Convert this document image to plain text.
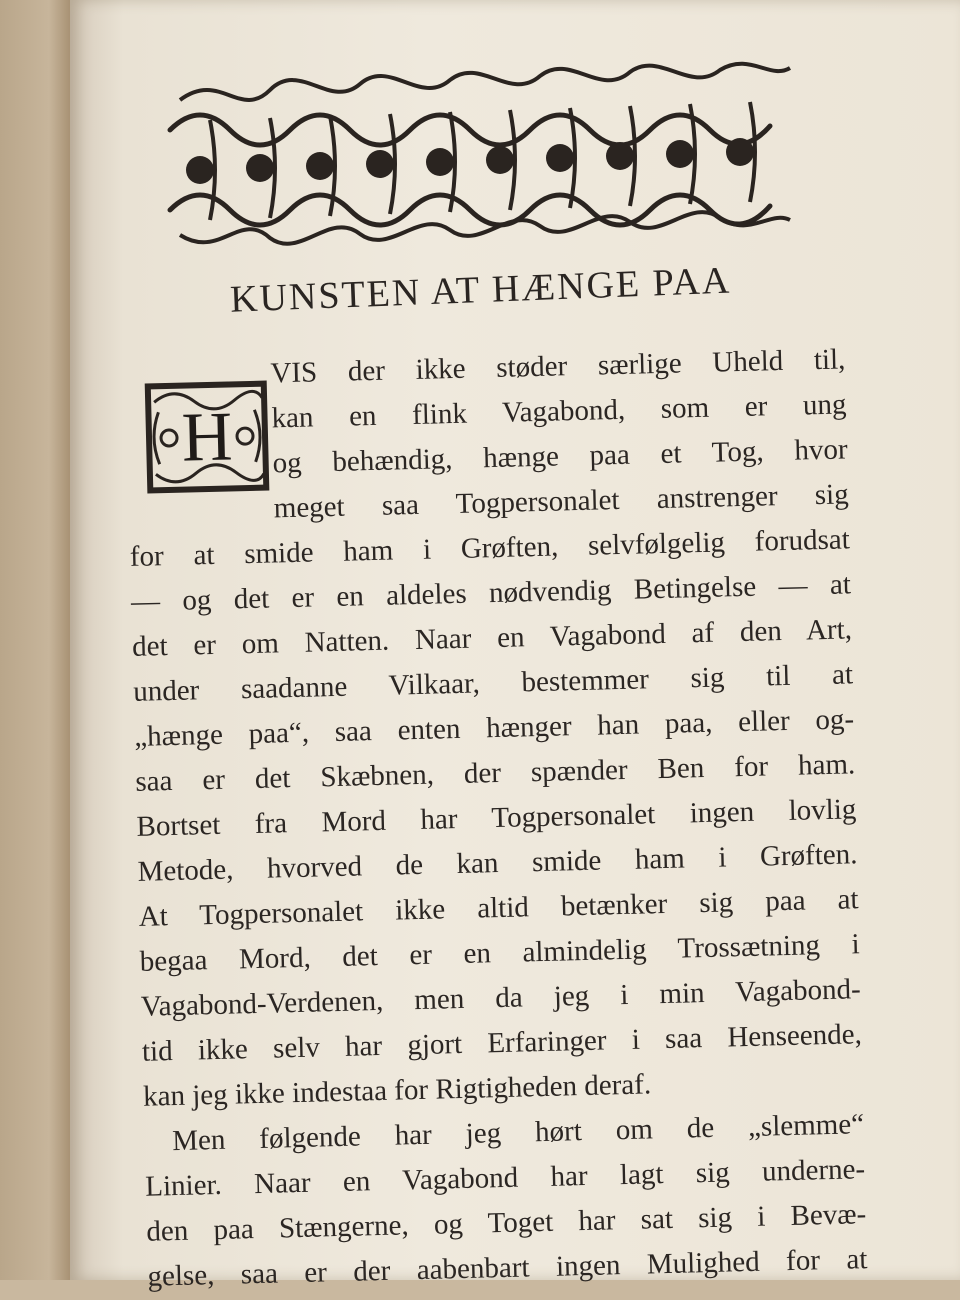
KUNSTEN AT HÆNGE PAA
H
VIS der ikke støder særlige Uheld til,
kan en flink Vagabond, som er ung
og behændig, hænge paa et Tog, hvor
meget saa Togpersonalet anstrenger sig
for at smide ham i Grøften, selvfølgelig forudsat
— og det er en aldeles nødvendig Betingelse — at
det er om Natten. Naar en Vagabond af den Art,
under saadanne Vilkaar, bestemmer sig til at
„hænge paa“, saa enten hænger han paa, eller og-
saa er det Skæbnen, der spænder Ben for ham.
Bortset fra Mord har Togpersonalet ingen lovlig
Metode, hvorved de kan smide ham i Grøften.
At Togpersonalet ikke altid betænker sig paa at
begaa Mord, det er en almindelig Trossætning i
Vagabond-Verdenen, men da jeg i min Vagabond-
tid ikke selv har gjort Erfaringer i saa Henseende,
kan jeg ikke indestaa for Rigtigheden deraf.
Men følgende har jeg hørt om de „slemme“
Linier. Naar en Vagabond har lagt sig underne-
den paa Stængerne, og Toget har sat sig i Bevæ-
gelse, saa er der aabenbart ingen Mulighed for at
